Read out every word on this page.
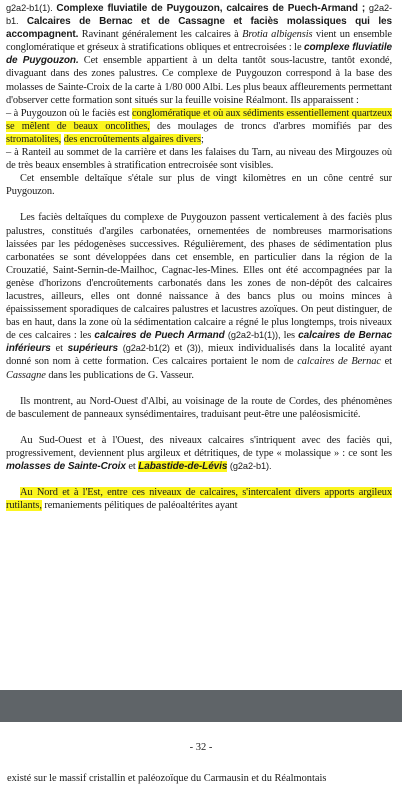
g2a2-b1(1). Complexe fluviatile de Puygouzon, calcaires de Puech-Armand ; g2a2-b1. Calcaires de Bernac et de Cassagne et faciès molassiques qui les accompagnent. Ravinant généralement les calcaires à Brotia albigensis vient un ensemble conglomératique et gréseux à stratifications obliques et entrecroisées : le complexe fluviatile de Puygouzon. Cet ensemble appartient à un delta tantôt sous-lacustre, tantôt exondé, divaguant dans des zones palustres. Ce complexe de Puygouzon correspond à la base des molasses de Sainte-Croix de la carte à 1/80 000 Albi. Les plus beaux affleurements permettant d'observer cette formation sont situés sur la feuille voisine Réalmont. Ils apparaissent :

– à Puygouzon où le faciès est conglomératique et où aux sédiments essentiellement quartzeux se mêlent de beaux oncolithes, des moulages de troncs d'arbres momifiés par des stromatolites, des encroûtements algaires divers;

– à Ranteil au sommet de la carrière et dans les falaises du Tarn, au niveau des Mirgouzes où de très beaux ensembles à stratification entrecroisée sont visibles.

Cet ensemble deltaïque s'étale sur plus de vingt kilomètres en un cône centré sur Puygouzon.

Les faciès deltaïques du complexe de Puygouzon passent verticalement à des faciès plus palustres, constitués d'argiles carbonatées, ornementées de nombreuses marmorisations laissées par les pédogenèses successives. Régulièrement, des phases de sédimentation plus carbonatées se sont développées dans cet ensemble, en particulier dans la région de la Crouzatié, Saint-Sernin-de-Mailhoc, Cagnac-les-Mines. Elles ont été accompagnées par la genèse d'horizons d'encroûtements carbonatés dans les zones de non-dépôt des calcaires lacustres, ailleurs, elles ont donné naissance à des bancs plus ou moins minces à épaississement sporadiques de calcaires palustres et lacustres azoïques. On peut distinguer, de bas en haut, dans la zone où la sédimentation calcaire a régné le plus longtemps, trois niveaux de ces calcaires : les calcaires de Puech Armand (g2a2-b1(1)), les calcaires de Bernac inférieurs et supérieurs (g2a2-b1(2) et (3)), mieux individualisés dans la localité ayant donné son nom à cette formation. Ces calcaires portaient le nom de calcaires de Bernac et Cassagne dans les publications de G. Vasseur.

Ils montrent, au Nord-Ouest d'Albi, au voisinage de la route de Cordes, des phénomènes de basculement de panneaux synsédimentaires, traduisant peut-être une paléosismicité.

Au Sud-Ouest et à l'Ouest, des niveaux calcaires s'intriquent avec des faciès qui, progressivement, deviennent plus argileux et détritiques, de type « molassique » : ce sont les molasses de Sainte-Croix et Labastide-de-Lévis (g2a2-b1).

Au Nord et à l'Est, entre ces niveaux de calcaires, s'intercalent divers apports argileux rutilants, remaniements pélitiques de paléoaltérites ayant

- 32 -
existé sur le massif cristallin et paléozoïque du Carmausin et du Réalmontais
